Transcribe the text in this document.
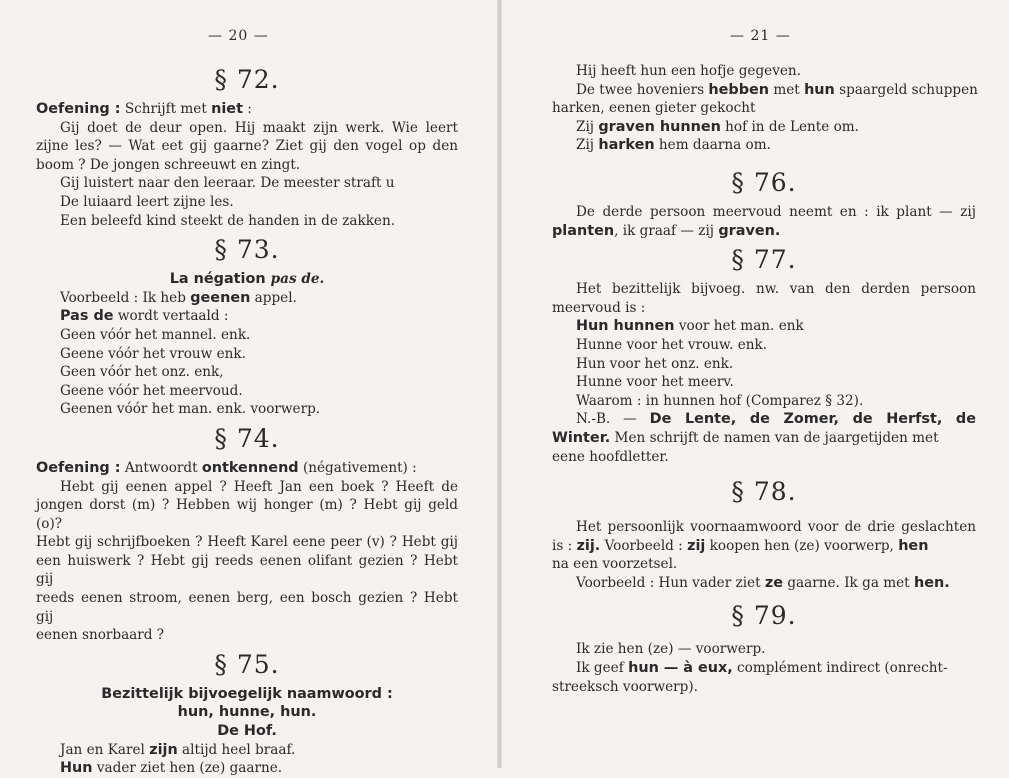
— 20 —
§ 72.
Oefening : Schrijft met niet :
Gij doet de deur open. Hij maakt zijn werk. Wie leert
zijne les? — Wat eet gij gaarne? Ziet gij den vogel op den
boom ? De jongen schreeuwt en zingt.
Gij luistert naar den leeraar. De meester straft u
De luiaard leert zijne les.
Een beleefd kind steekt de handen in de zakken.
§ 73.
La négation pas de.
Voorbeeld : Ik heb geenen appel.
Pas de wordt vertaald :
Geen vóór het mannel. enk.
Geene vóór het vrouw enk.
Geen vóór het onz. enk,
Geene vóór het meervoud.
Geenen vóór het man. enk. voorwerp.
§ 74.
Oefening : Antwoordt ontkennend (négativement) :
Hebt gij eenen appel ? Heeft Jan een boek ? Heeft de
jongen dorst (m) ? Hebben wij honger (m) ? Hebt gij geld (o)?
Hebt gij schrijfboeken ? Heeft Karel eene peer (v) ? Hebt gij
een huiswerk ? Hebt gij reeds eenen olifant gezien ? Hebt gij
reeds eenen stroom, eenen berg, een bosch gezien ? Hebt gij
eenen snorbaard ?
§ 75.
Bezittelijk bijvoegelijk naamwoord :
hun, hunne, hun.
De Hof.
Jan en Karel zijn altijd heel braaf.
Hun vader ziet hen (ze) gaarne.
— 21 —
Hij heeft hun een hofje gegeven.
De twee hoveniers hebben met hun spaargeld schuppen
harken, eenen gieter gekocht
Zij graven hunnen hof in de Lente om.
Zij harken hem daarna om.
§ 76.
De derde persoon meervoud neemt en : ik plant — zij
planten, ik graaf — zij graven.
§ 77.
Het bezittelijk bijvoeg. nw. van den derden persoon
meervoud is :
Hun hunnen voor het man. enk
Hunne voor het vrouw. enk.
Hun voor het onz. enk.
Hunne voor het meerv.
Waarom : in hunnen hof (Comparez § 32).
N.-B. — De Lente, de Zomer, de Herfst, de
Winter. Men schrijft de namen van de jaargetijden met
eene hoofdletter.
§ 78.
Het persoonlijk voornaamwoord voor de drie geslachten
is : zij. Voorbeeld : zij koopen hen (ze) voorwerp, hen
na een voorzetsel.
Voorbeeld : Hun vader ziet ze gaarne. Ik ga met hen.
§ 79.
Ik zie hen (ze) — voorwerp.
Ik geef hun — à eux, complément indirect (onrecht-
streeksch voorwerp).
